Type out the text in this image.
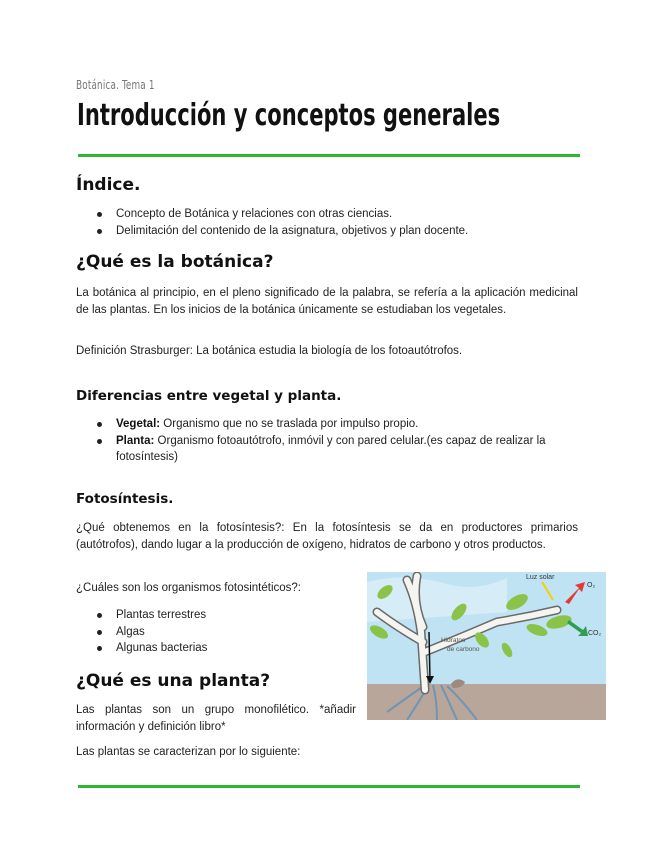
Botánica. Tema 1
Introducción y conceptos generales
Índice.
Concepto de Botánica y relaciones con otras ciencias.
Delimitación del contenido de la asignatura, objetivos y plan docente.
¿Qué es la botánica?

La botánica al principio, en el pleno significado de la palabra, se refería a la aplicación medicinal de las plantas. En los inicios de la botánica únicamente se estudiaban los vegetales.

Definición Strasburger: La botánica estudia la biología de los fotoautótrofos.

Diferencias entre vegetal y planta.
Vegetal: Organismo que no se traslada por impulso propio.
Planta: Organismo fotoautótrofo, inmóvil y con pared celular.(es capaz de realizar la fotosíntesis)
Fotosíntesis.

¿Qué obtenemos en la fotosíntesis?: En la fotosíntesis se da en productores primarios (autótrofos), dando lugar a la producción de oxígeno, hidratos de carbono y otros productos.

¿Cuáles son los organismos fotosintéticos?:

Plantas terrestres
Algas
Algunas bacterias
Luz solar
O₂
CO₂
Hidratos
de carbono
¿Qué es una planta?

Las plantas son un grupo monofilético. *añadir información y definición libro*

Las plantas se caracterizan por lo siguiente:
